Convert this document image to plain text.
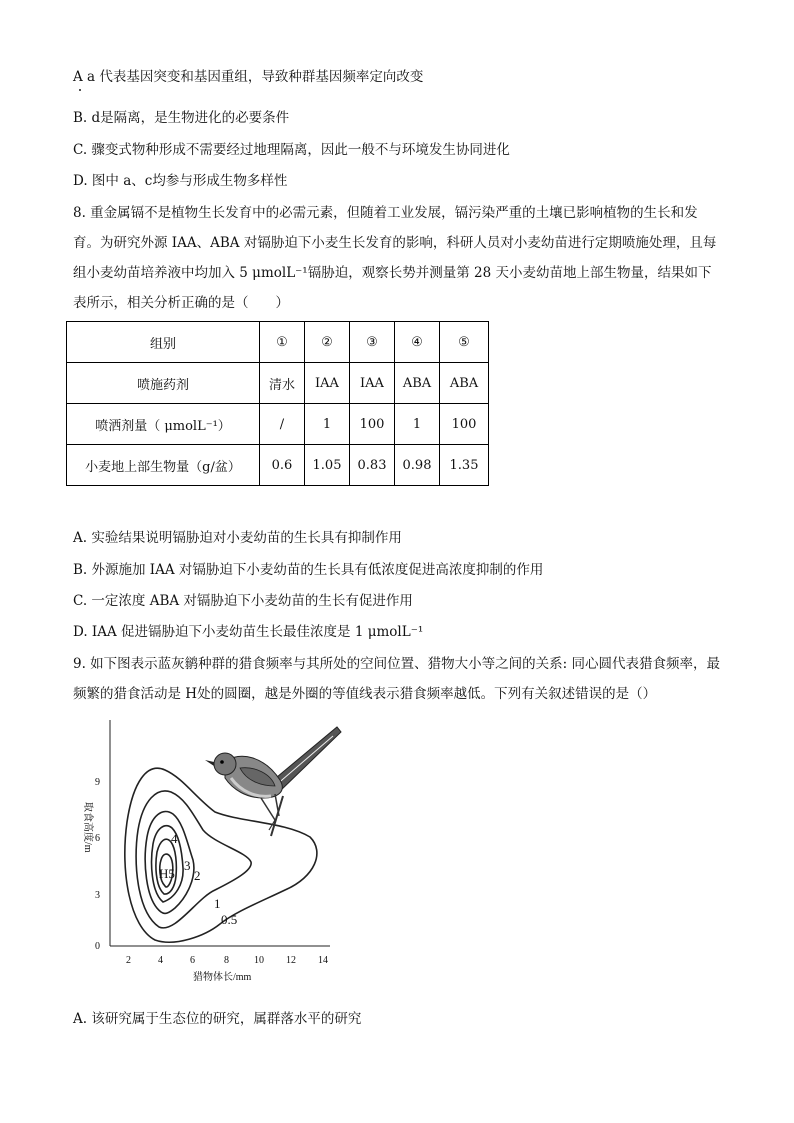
A a 代表基因突变和基因重组，导致种群基因频率定向改变
B. d是隔离，是生物进化的必要条件
C. 骤变式物种形成不需要经过地理隔离，因此一般不与环境发生协同进化
D. 图中 a、c均参与形成生物多样性
8. 重金属镉不是植物生长发育中的必需元素，但随着工业发展，镉污染严重的土壤已影响植物的生长和发育。为研究外源 IAA、ABA 对镉胁迫下小麦生长发育的影响，科研人员对小麦幼苗进行定期喷施处理，且每组小麦幼苗培养液中均加入 5 μmolL⁻¹镉胁迫，观察长势并测量第 28 天小麦幼苗地上部生物量，结果如下表所示，相关分析正确的是（　　）
组别	①	②	③	④	⑤
喷施药剂	清水	IAA	IAA	ABA	ABA
喷洒剂量（ μmolL⁻¹）	/	1	100	1	100
小麦地上部生物量（g/盆）	0.6	1.05	0.83	0.98	1.35
A. 实验结果说明镉胁迫对小麦幼苗的生长具有抑制作用
B. 外源施加 IAA 对镉胁迫下小麦幼苗的生长具有低浓度促进高浓度抑制的作用
C. 一定浓度 ABA 对镉胁迫下小麦幼苗的生长有促进作用
D. IAA 促进镉胁迫下小麦幼苗生长最佳浓度是 1 μmolL⁻¹
9. 如下图表示蓝灰鹟种群的猎食频率与其所处的空间位置、猎物大小等之间的关系: 同心圆代表猎食频率，最频繁的猎食活动是 H处的圆圈，越是外圈的等值线表示猎食频率越低。下列有关叙述错误的是（）
0
3
6
9
2	4	6	8	10 12 14
猎物体长/mm
取食高度/m
H5
4
3
2
1
0.5
A. 该研究属于生态位的研究，属群落水平的研究
